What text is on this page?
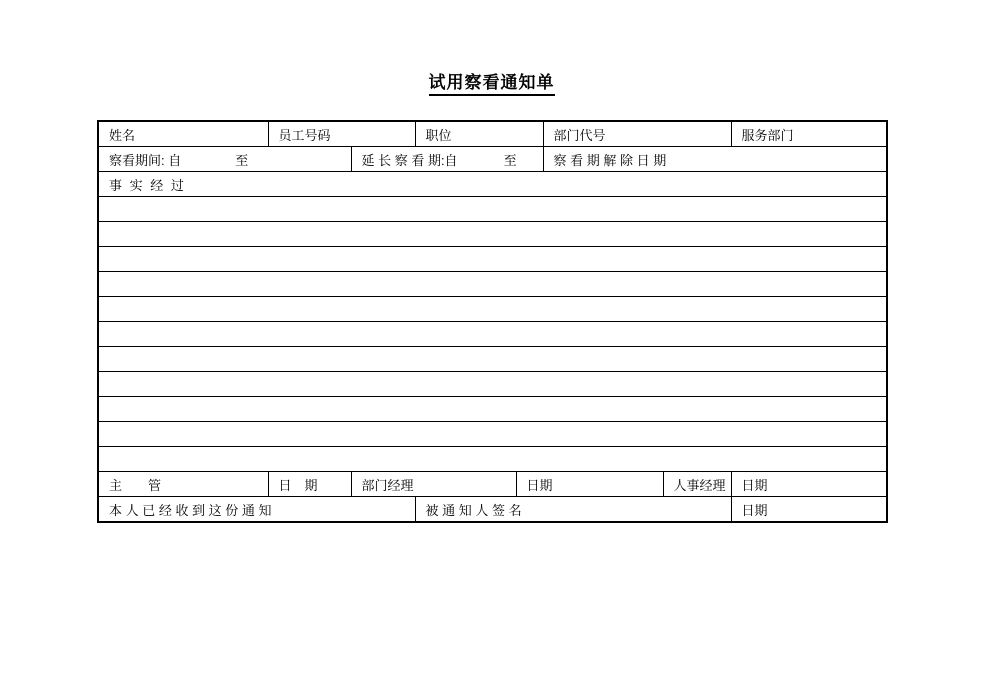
试用察看通知单
姓名	员工号码		职位		部门代号		服务部门
察看期间: 自 至		延 长 察 看 期:自 至			察 看 期 解 除 日 期		
事 实 经 过							

主　　管	日　期	部门经理		日期		人事经理	日期
本 人 已 经 收 到 这 份 通 知			被 通 知 人 签 名				日期
